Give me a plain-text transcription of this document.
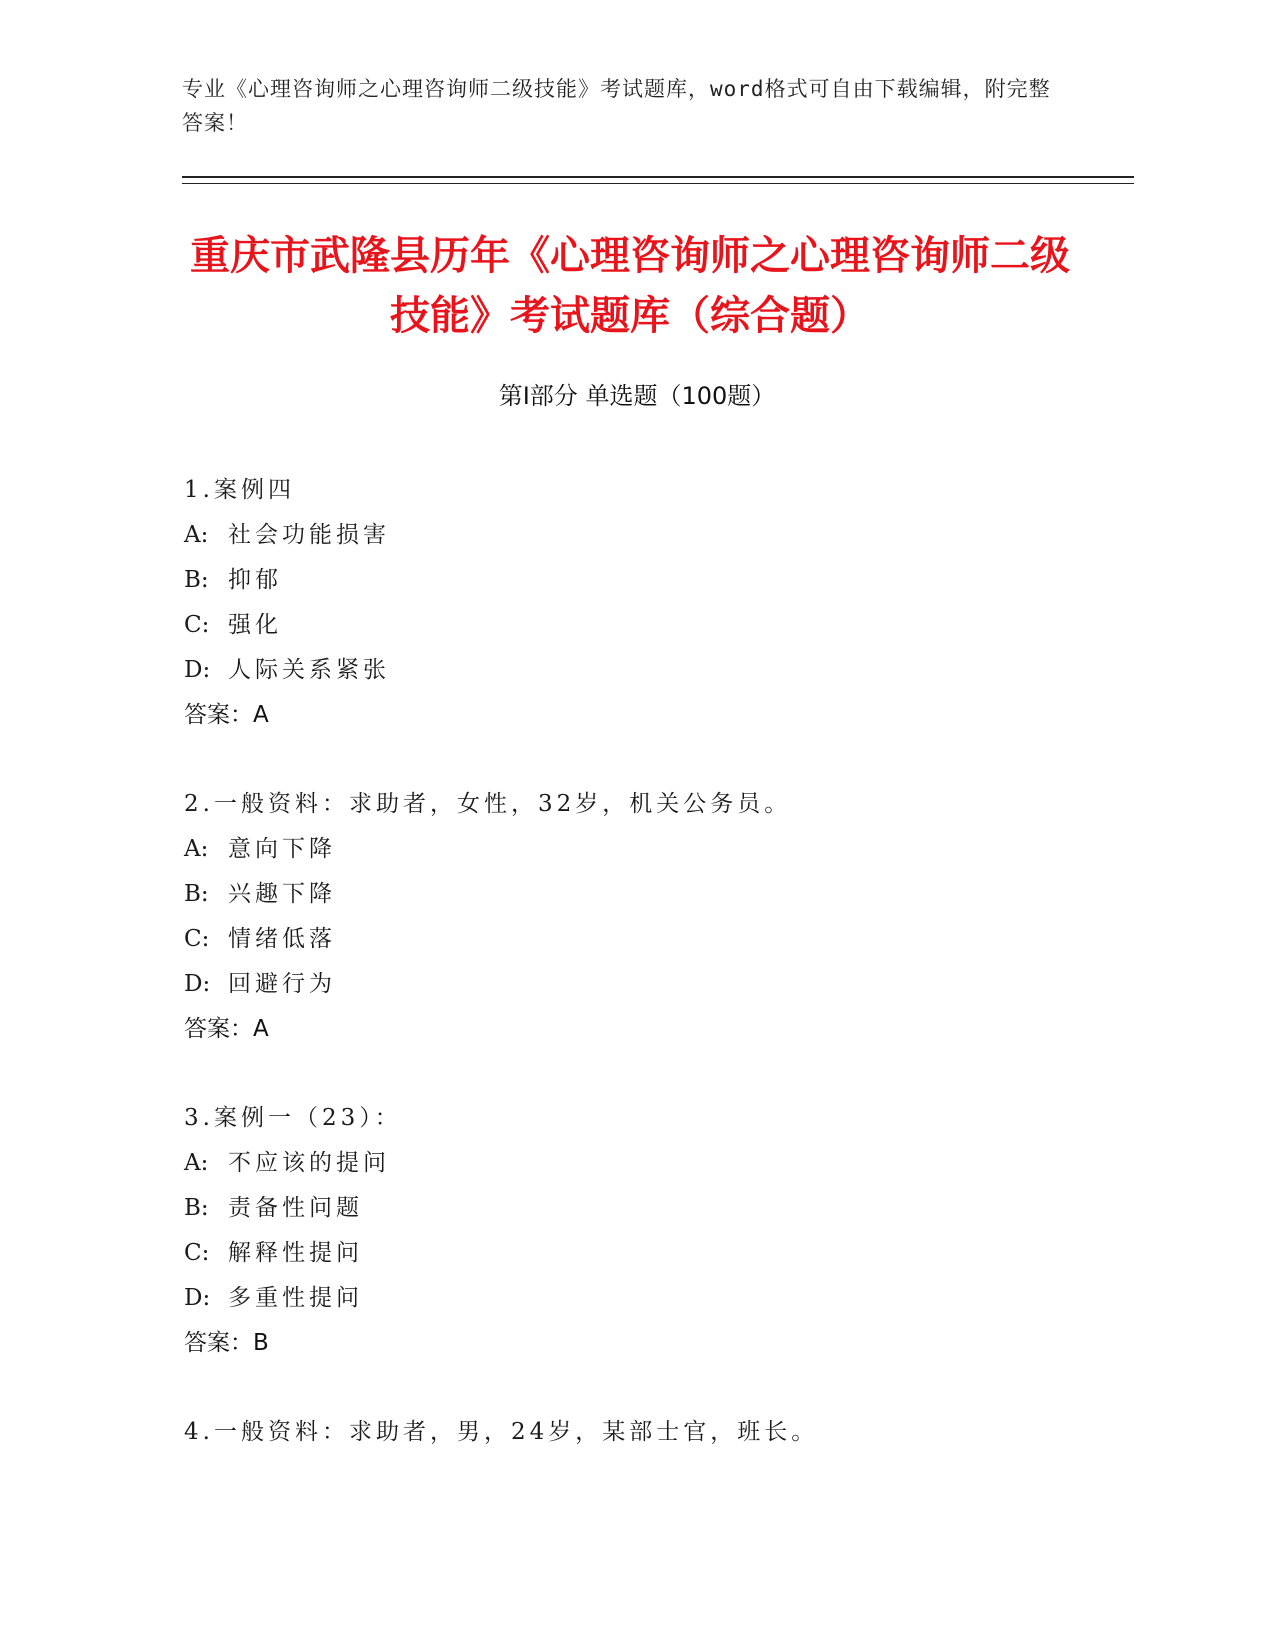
专业《心理咨询师之心理咨询师二级技能》考试题库，word格式可自由下载编辑，附完整答案！
重庆市武隆县历年《心理咨询师之心理咨询师二级技能》考试题库（综合题）
第Ⅰ部分 单选题（100题）
1.案例四
A: 社会功能损害
B: 抑郁
C: 强化
D: 人际关系紧张
答案：A
2.一般资料：求助者，女性，32岁，机关公务员。
A: 意向下降
B: 兴趣下降
C: 情绪低落
D: 回避行为
答案：A
3.案例一（23）：
A: 不应该的提问
B: 责备性问题
C: 解释性提问
D: 多重性提问
答案：B
4.一般资料：求助者，男，24岁，某部士官，班长。
